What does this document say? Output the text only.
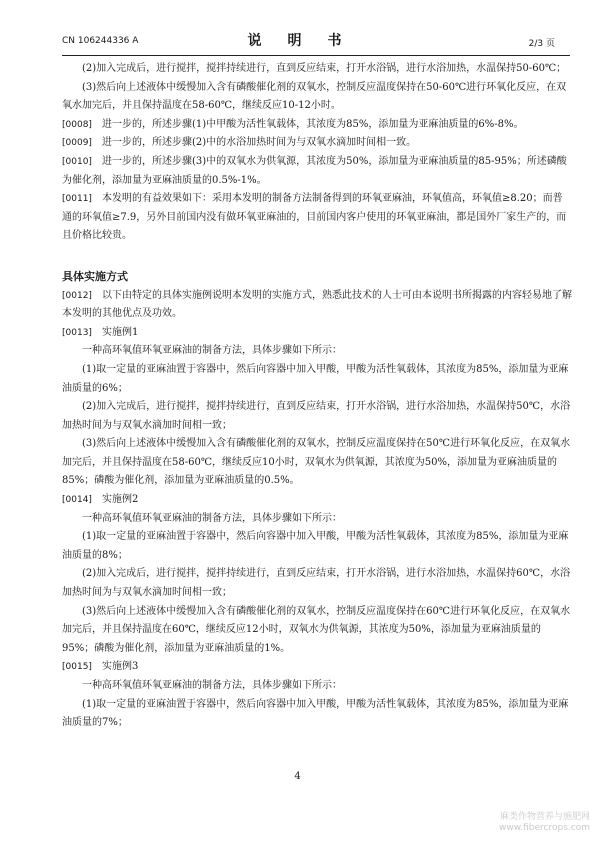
CN 106244336 A	说　明　书	2/3 页

(2)加入完成后，进行搅拌，搅拌持续进行，直到反应结束，打开水浴锅，进行水浴加热，水温保持50-60℃；

(3)然后向上述液体中缓慢加入含有磷酸催化剂的双氧水，控制反应温度保持在50-60℃进行环氧化反应，在双氧水加完后，并且保持温度在58-60℃，继续反应10-12小时。

[0008] 进一步的，所述步骤(1)中甲酸为活性氧载体，其浓度为85%，添加量为亚麻油质量的6%-8%。

[0009] 进一步的，所述步骤(2)中的水浴加热时间为与双氧水滴加时间相一致。

[0010] 进一步的，所述步骤(3)中的双氧水为供氧源，其浓度为50%，添加量为亚麻油质量的85-95%；所述磷酸为催化剂，添加量为亚麻油质量的0.5%-1%。

[0011] 本发明的有益效果如下：采用本发明的制备方法制备得到的环氧亚麻油，环氧值高，环氧值≥8.20；而普通的环氧值≥7.9，另外目前国内没有做环氧亚麻油的，目前国内客户使用的环氧亚麻油，都是国外厂家生产的，而且价格比较贵。

具体实施方式

[0012] 以下由特定的具体实施例说明本发明的实施方式，熟悉此技术的人士可由本说明书所揭露的内容轻易地了解本发明的其他优点及功效。

[0013] 实施例1

一种高环氧值环氧亚麻油的制备方法，具体步骤如下所示：

(1)取一定量的亚麻油置于容器中，然后向容器中加入甲酸，甲酸为活性氧载体，其浓度为85%，添加量为亚麻油质量的6%；

(2)加入完成后，进行搅拌，搅拌持续进行，直到反应结束，打开水浴锅，进行水浴加热，水温保持50℃，水浴加热时间为与双氧水滴加时间相一致；

(3)然后向上述液体中缓慢加入含有磷酸催化剂的双氧水，控制反应温度保持在50℃进行环氧化反应，在双氧水加完后，并且保持温度在58-60℃，继续反应10小时，双氧水为供氧源，其浓度为50%，添加量为亚麻油质量的85%；磷酸为催化剂，添加量为亚麻油质量的0.5%。

[0014] 实施例2

一种高环氧值环氧亚麻油的制备方法，具体步骤如下所示：

(1)取一定量的亚麻油置于容器中，然后向容器中加入甲酸，甲酸为活性氧载体，其浓度为85%，添加量为亚麻油质量的8%；

(2)加入完成后，进行搅拌，搅拌持续进行，直到反应结束，打开水浴锅，进行水浴加热，水温保持60℃，水浴加热时间为与双氧水滴加时间相一致；

(3)然后向上述液体中缓慢加入含有磷酸催化剂的双氧水，控制反应温度保持在60℃进行环氧化反应，在双氧水加完后，并且保持温度在60℃，继续反应12小时，双氧水为供氧源，其浓度为50%，添加量为亚麻油质量的95%；磷酸为催化剂，添加量为亚麻油质量的1%。

[0015] 实施例3

一种高环氧值环氧亚麻油的制备方法，具体步骤如下所示：

(1)取一定量的亚麻油置于容器中，然后向容器中加入甲酸，甲酸为活性氧载体，其浓度为85%，添加量为亚麻油质量的7%；

4
麻类作物营养与施肥网
www.fibercrops.com
